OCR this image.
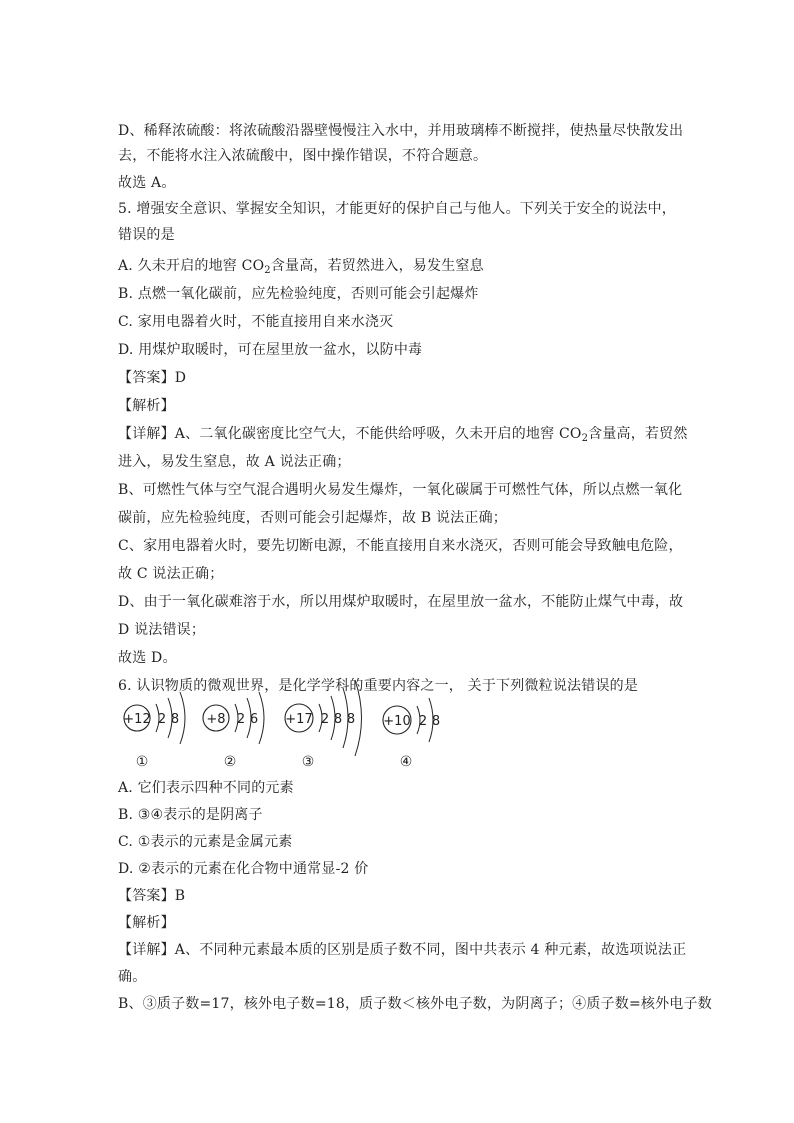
D、稀释浓硫酸：将浓硫酸沿器壁慢慢注入水中，并用玻璃棒不断搅拌，使热量尽快散发出
去，不能将水注入浓硫酸中，图中操作错误，不符合题意。
故选 A。
5. 增强安全意识、掌握安全知识，才能更好的保护自己与他人。下列关于安全的说法中，
错误的是
A. 久未开启的地窖 $CO_2$含量高，若贸然进入，易发生窒息
B. 点燃一氧化碳前，应先检验纯度，否则可能会引起爆炸
C. 家用电器着火时，不能直接用自来水浇灭
D. 用煤炉取暖时，可在屋里放一盆水，以防中毒
【答案】D
【解析】
【详解】A、二氧化碳密度比空气大，不能供给呼吸，久未开启的地窖 $CO_2$含量高，若贸然
进入，易发生窒息，故 A 说法正确；
B、可燃性气体与空气混合遇明火易发生爆炸，一氧化碳属于可燃性气体，所以点燃一氧化
碳前，应先检验纯度，否则可能会引起爆炸，故 B 说法正确；
C、家用电器着火时，要先切断电源，不能直接用自来水浇灭，否则可能会导致触电危险，
故 C 说法正确；
D、由于一氧化碳难溶于水，所以用煤炉取暖时，在屋里放一盆水，不能防止煤气中毒，故
D 说法错误；
故选 D。
6. 认识物质的微观世界，是化学学科的重要内容之一， 关于下列微粒说法错误的是
+12 2 8
①
+8 2 6
②
+17 2 8 8
③
+10 2 8
④
A. 它们表示四种不同的元素
B. ③④表示的是阴离子
C. ①表示的元素是金属元素
D. ②表示的元素在化合物中通常显-2 价
【答案】B
【解析】
【详解】A、不同种元素最本质的区别是质子数不同，图中共表示 4 种元素，故选项说法正
确。
B、③质子数=17，核外电子数=18，质子数＜核外电子数，为阴离子；④质子数=核外电子数
